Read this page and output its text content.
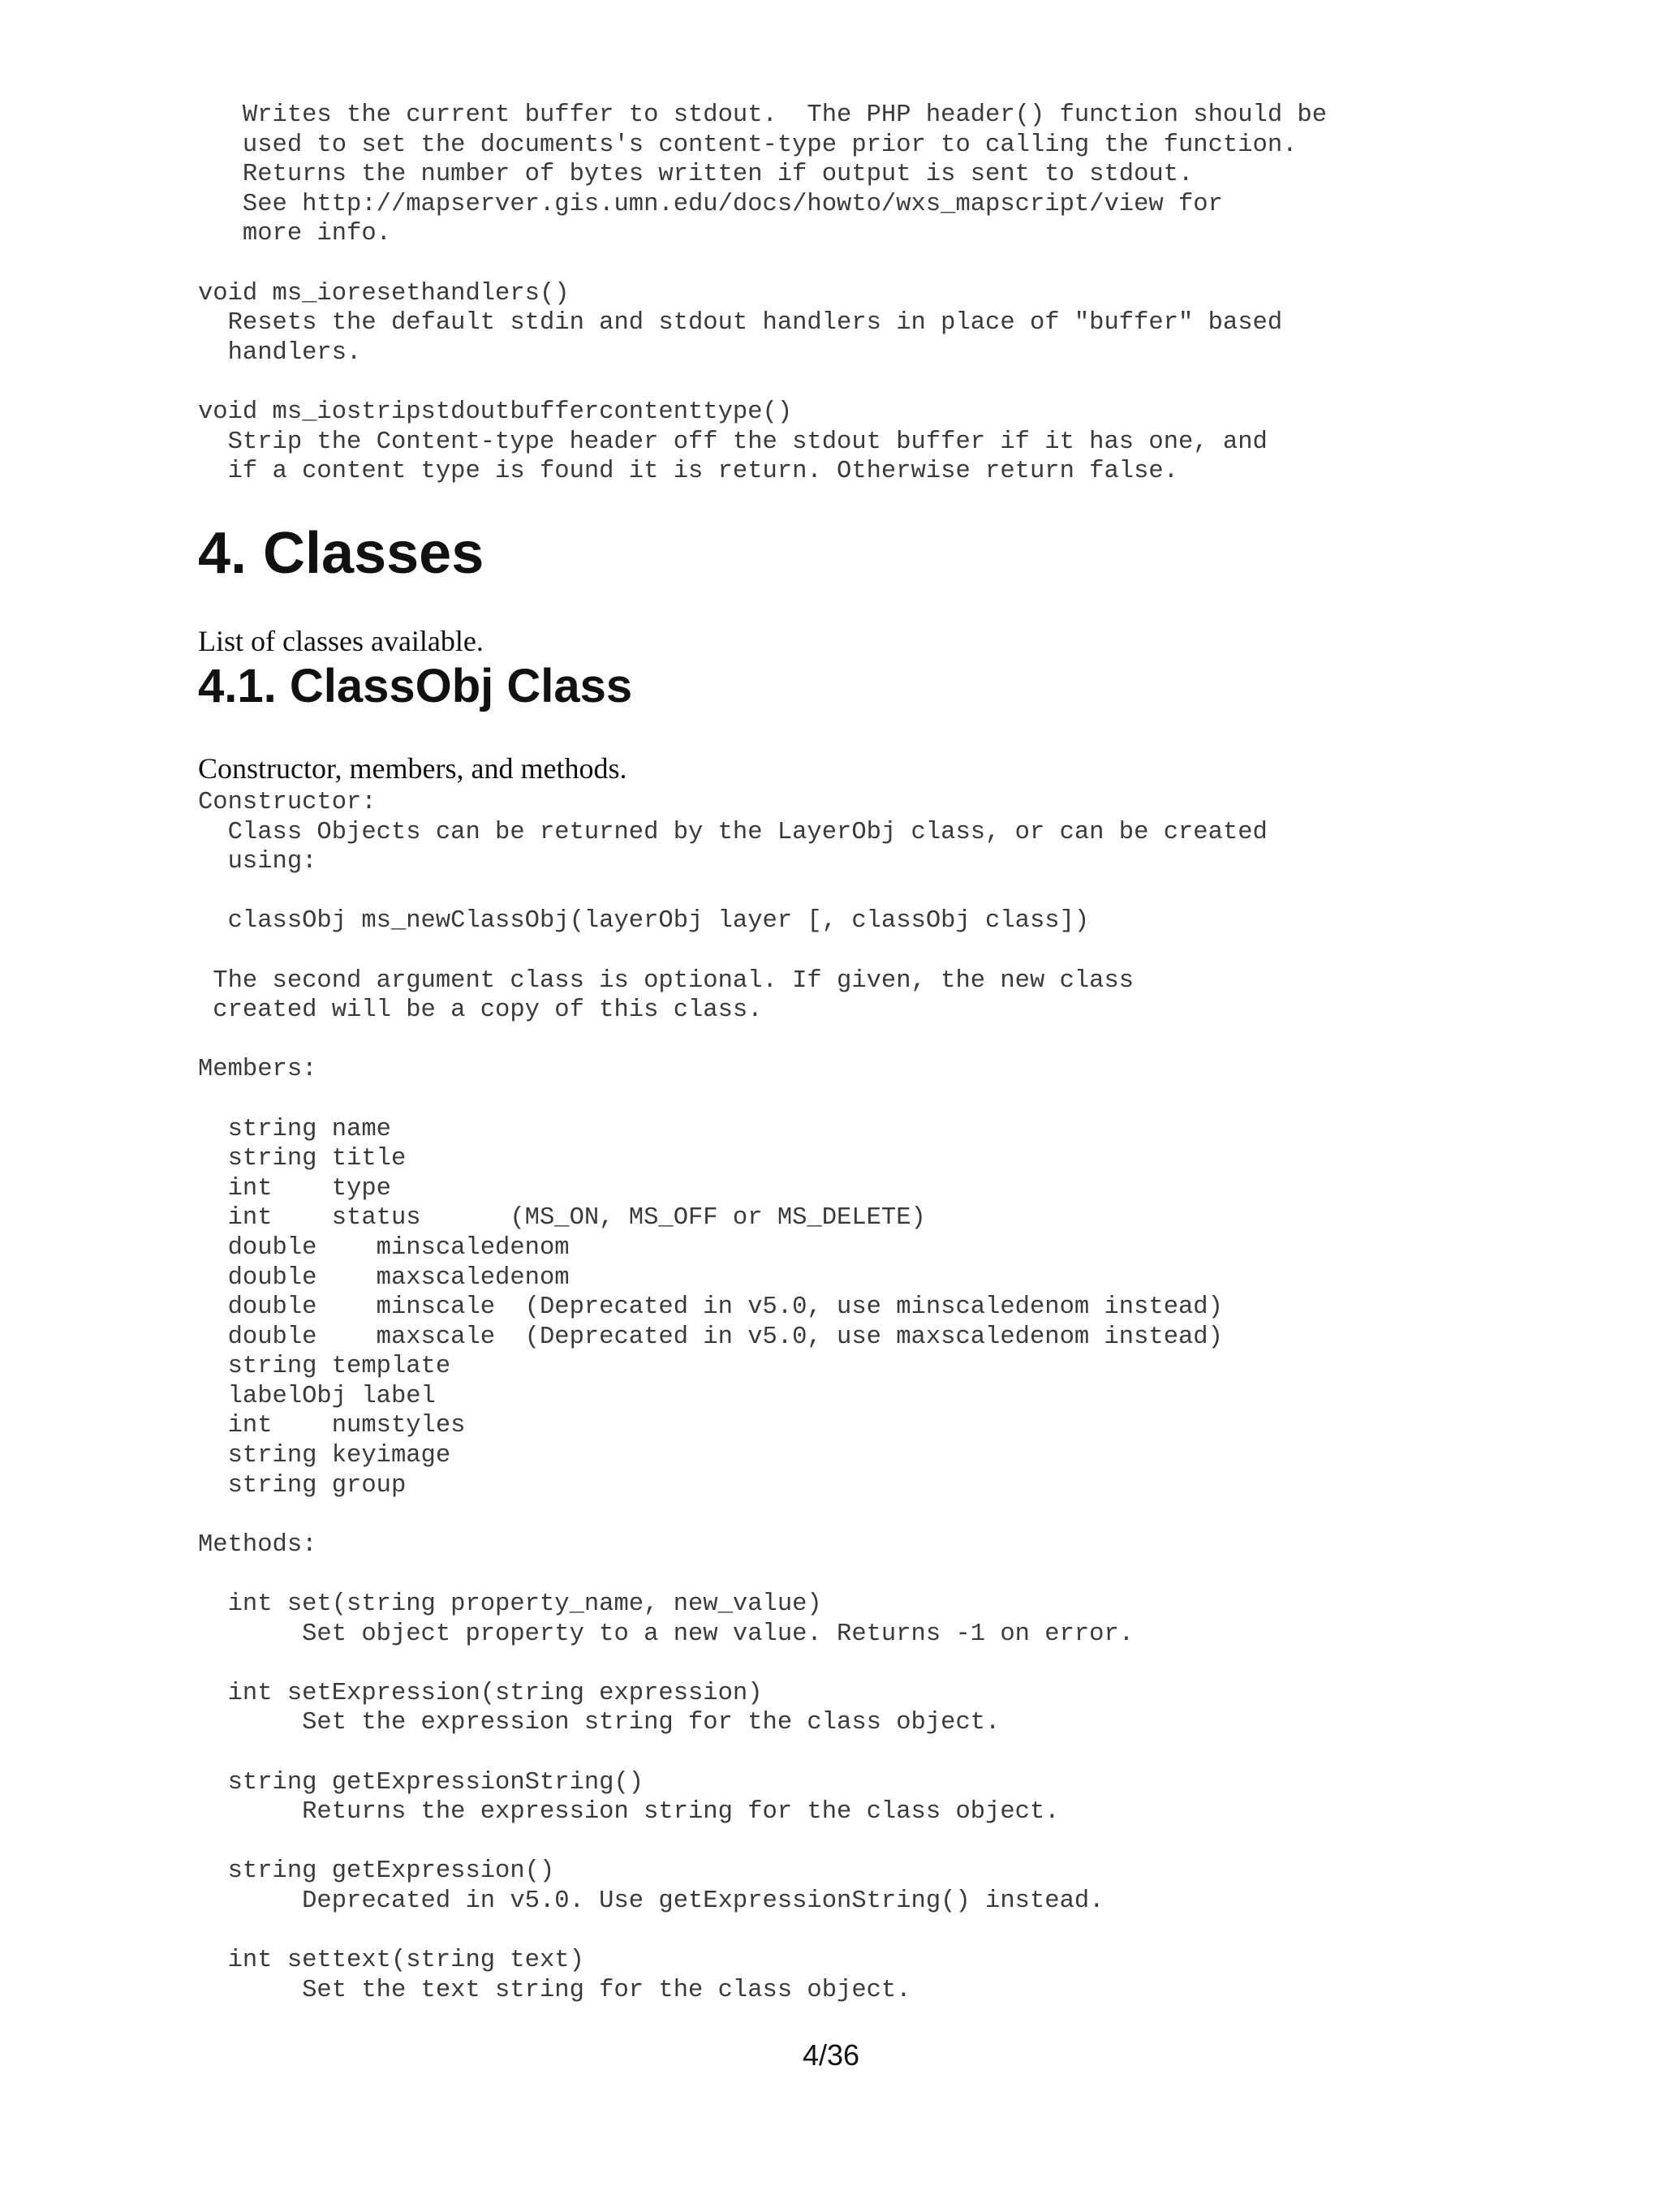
Writes the current buffer to stdout.  The PHP header() function should be
used to set the documents's content-type prior to calling the function.
Returns the number of bytes written if output is sent to stdout.
See http://mapserver.gis.umn.edu/docs/howto/wxs_mapscript/view for
more info.

void ms_ioresethandlers()
Resets the default stdin and stdout handlers in place of "buffer" based
handlers.

void ms_iostripstdoutbuffercontenttype()
Strip the Content-type header off the stdout buffer if it has one, and
if a content type is found it is return. Otherwise return false.
4. Classes

List of classes available.

4.1. ClassObj Class

Constructor, members, and methods.

Constructor:
Class Objects can be returned by the LayerObj class, or can be created
using:

classObj ms_newClassObj(layerObj layer [, classObj class])

The second argument class is optional. If given, the new class
created will be a copy of this class.

Members:

string name
string title
int    type
int    status      (MS_ON, MS_OFF or MS_DELETE)
double    minscaledenom
double    maxscaledenom
double    minscale  (Deprecated in v5.0, use minscaledenom instead)
double    maxscale  (Deprecated in v5.0, use maxscaledenom instead)
string template
labelObj label
int    numstyles
string keyimage
string group

Methods:

int set(string property_name, new_value)
Set object property to a new value. Returns -1 on error.

int setExpression(string expression)
Set the expression string for the class object.

string getExpressionString()
Returns the expression string for the class object.

string getExpression()
Deprecated in v5.0. Use getExpressionString() instead.

int settext(string text)
Set the text string for the class object.

4/36
